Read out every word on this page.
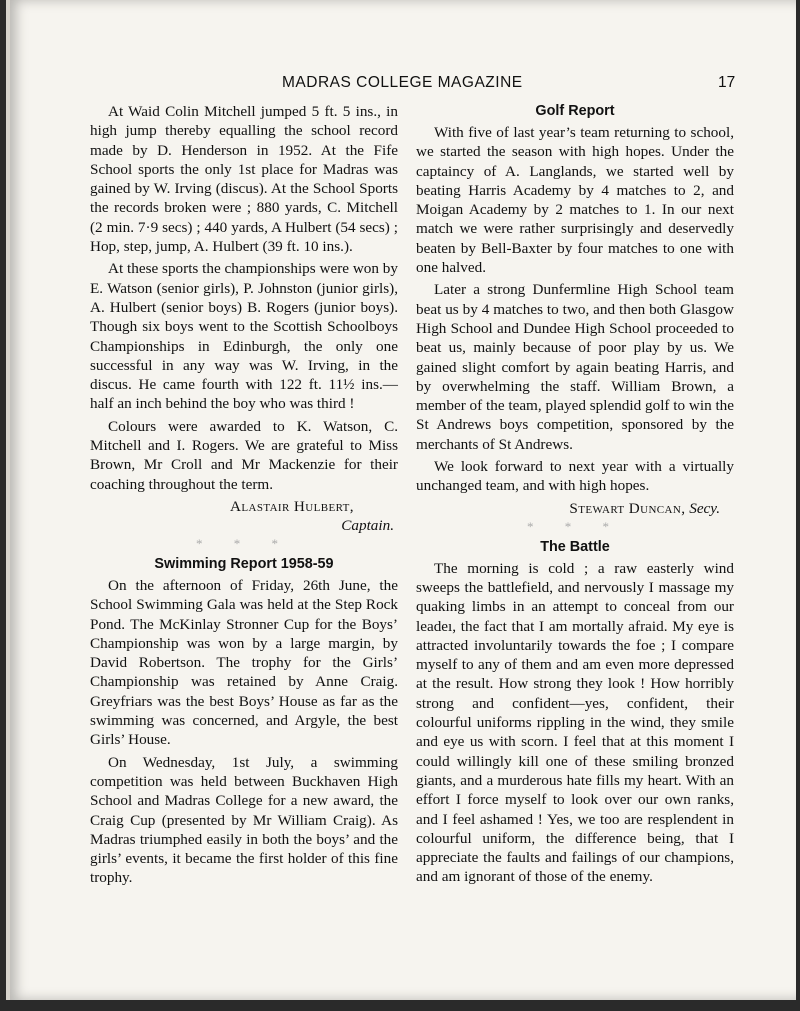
MADRAS COLLEGE MAGAZINE	17

At Waid Colin Mitchell jumped 5 ft. 5 ins., in high jump thereby equalling the school record made by D. Henderson in 1952. At the Fife School sports the only 1st place for Madras was gained by W. Irving (discus). At the School Sports the records broken were ; 880 yards, C. Mitchell (2 min. 7·9 secs) ; 440 yards, A Hulbert (54 secs) ; Hop, step, jump, A. Hulbert (39 ft. 10 ins.).

At these sports the championships were won by E. Watson (senior girls), P. Johnston (junior girls), A. Hulbert (senior boys) B. Rogers (junior boys). Though six boys went to the Scottish Schoolboys Championships in Edinburgh, the only one successful in any way was W. Irving, in the discus. He came fourth with 122 ft. 11½ ins.—half an inch behind the boy who was third !

Colours were awarded to K. Watson, C. Mitchell and I. Rogers. We are grateful to Miss Brown, Mr Croll and Mr Mackenzie for their coaching throughout the term.

Alastair Hulbert,
Captain.
* * *
Swimming Report 1958-59

On the afternoon of Friday, 26th June, the School Swimming Gala was held at the Step Rock Pond. The McKinlay Stronner Cup for the Boys’ Championship was won by a large margin, by David Robertson. The trophy for the Girls’ Championship was retained by Anne Craig. Greyfriars was the best Boys’ House as far as the swimming was concerned, and Argyle, the best Girls’ House.

On Wednesday, 1st July, a swimming competition was held between Buckhaven High School and Madras College for a new award, the Craig Cup (presented by Mr William Craig). As Madras triumphed easily in both the boys’ and the girls’ events, it became the first holder of this fine trophy.

Golf Report

With five of last year’s team returning to school, we started the season with high hopes. Under the captaincy of A. Langlands, we started well by beating Harris Academy by 4 matches to 2, and Moigan Academy by 2 matches to 1. In our next match we were rather surprisingly and deservedly beaten by Bell-Baxter by four matches to one with one halved.

Later a strong Dunfermline High School team beat us by 4 matches to two, and then both Glasgow High School and Dundee High School proceeded to beat us, mainly because of poor play by us. We gained slight comfort by again beating Harris, and by overwhelming the staff. William Brown, a member of the team, played splendid golf to win the St Andrews boys competition, sponsored by the merchants of St Andrews.

We look forward to next year with a virtually unchanged team, and with high hopes.

Stewart Duncan, Secy.
* * *
The Battle

The morning is cold ; a raw easterly wind sweeps the battlefield, and nervously I massage my quaking limbs in an attempt to conceal from our leadeı, the fact that I am mortally afraid. My eye is attracted involuntarily towards the foe ; I compare myself to any of them and am even more depressed at the result. How strong they look ! How horribly strong and confident—yes, confident, their colourful uniforms rippling in the wind, they smile and eye us with scorn. I feel that at this moment I could willingly kill one of these smiling bronzed giants, and a murderous hate fills my heart. With an effort I force myself to look over our own ranks, and I feel ashamed ! Yes, we too are resplendent in colourful uniform, the difference being, that I appreciate the faults and failings of our champions, and am ignorant of those of the enemy.
